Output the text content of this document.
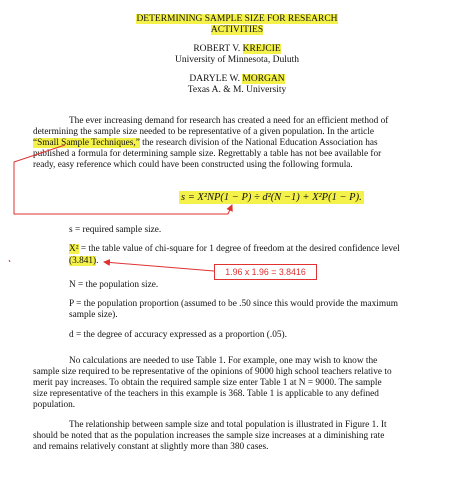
DETERMINING SAMPLE SIZE FOR RESEARCH
ACTIVITIES
ROBERT V. KREJCIE
University of Minnesota, Duluth
DARYLE W. MORGAN
Texas A. & M. University
The ever increasing demand for research has created a need for an efficient method of
determining the sample size needed to be representative of a given population. In the article
“Small Sample Techniques,” the research division of the National Education Association has
published a formula for determining sample size. Regrettably a table has not bee available for
ready, easy reference which could have been constructed using the following formula.
s = X²NP(1 − P) ÷ d²(N −1) + X²P(1 − P).
s = required sample size.
X² = the table value of chi-square for 1 degree of freedom at the desired confidence level
(3.841).
1.96 x 1.96 = 3.8416
N = the population size.
P = the population proportion (assumed to be .50 since this would provide the maximum
sample size).
d = the degree of accuracy expressed as a proportion (.05).
No calculations are needed to use Table 1. For example, one may wish to know the
sample size required to be representative of the opinions of 9000 high school teachers relative to
merit pay increases. To obtain the required sample size enter Table 1 at N = 9000. The sample
size representative of the teachers in this example is 368. Table 1 is applicable to any defined
population.
The relationship between sample size and total population is illustrated in Figure 1. It
should be noted that as the population increases the sample size increases at a diminishing rate
and remains relatively constant at slightly more than 380 cases.
